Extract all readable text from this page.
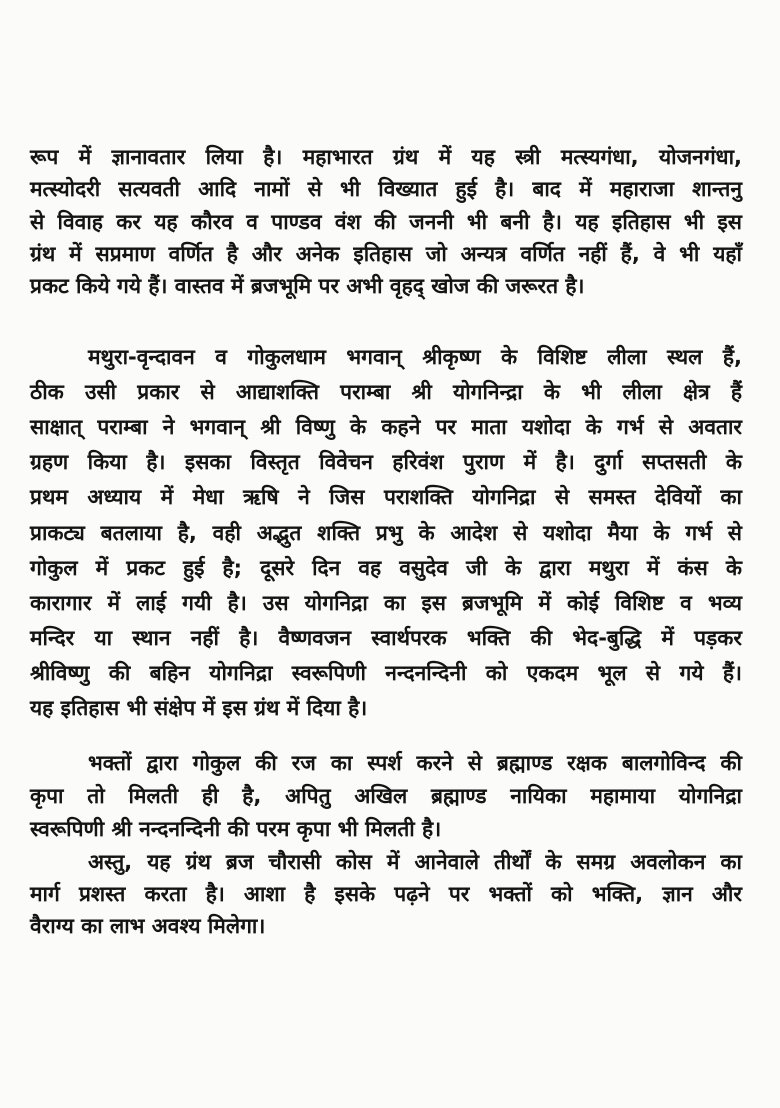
रूप में ज्ञानावतार लिया है। महाभारत ग्रंथ में यह स्त्री मत्स्यगंधा, योजनगंधा,
मत्स्योदरी सत्यवती आदि नामों से भी विख्यात हुई है। बाद में महाराजा शान्तनु
से विवाह कर यह कौरव व पाण्डव वंश की जननी भी बनी है। यह इतिहास भी इस
ग्रंथ में सप्रमाण वर्णित है और अनेक इतिहास जो अन्यत्र वर्णित नहीं हैं, वे भी यहाँ
प्रकट किये गये हैं। वास्तव में ब्रजभूमि पर अभी वृहद् खोज की जरूरत है।
मथुरा-वृन्दावन व गोकुलधाम भगवान् श्रीकृष्ण के विशिष्ट लीला स्थल हैं,
ठीक उसी प्रकार से आद्याशक्ति पराम्बा श्री योगनिन्द्रा के भी लीला क्षेत्र हैं
साक्षात् पराम्बा ने भगवान् श्री विष्णु के कहने पर माता यशोदा के गर्भ से अवतार
ग्रहण किया है। इसका विस्तृत विवेचन हरिवंश पुराण में है। दुर्गा सप्तसती के
प्रथम अध्याय में मेधा ऋषि ने जिस पराशक्ति योगनिद्रा से समस्त देवियों का
प्राकट्य बतलाया है, वही अद्भुत शक्ति प्रभु के आदेश से यशोदा मैया के गर्भ से
गोकुल में प्रकट हुई है; दूसरे दिन वह वसुदेव जी के द्वारा मथुरा में कंस के
कारागार में लाई गयी है। उस योगनिद्रा का इस ब्रजभूमि में कोई विशिष्ट व भव्य
मन्दिर या स्थान नहीं है। वैष्णवजन स्वार्थपरक भक्ति की भेद-बुद्धि में पड़कर
श्रीविष्णु की बहिन योगनिद्रा स्वरूपिणी नन्दनन्दिनी को एकदम भूल से गये हैं।
यह इतिहास भी संक्षेप में इस ग्रंथ में दिया है।
भक्तों द्वारा गोकुल की रज का स्पर्श करने से ब्रह्माण्ड रक्षक बालगोविन्द की
कृपा तो मिलती ही है, अपितु अखिल ब्रह्माण्ड नायिका महामाया योगनिद्रा
स्वरूपिणी श्री नन्दनन्दिनी की परम कृपा भी मिलती है।
अस्तु, यह ग्रंथ ब्रज चौरासी कोस में आनेवाले तीर्थों के समग्र अवलोकन का
मार्ग प्रशस्त करता है। आशा है इसके पढ़ने पर भक्तों को भक्ति, ज्ञान और
वैराग्य का लाभ अवश्य मिलेगा।
